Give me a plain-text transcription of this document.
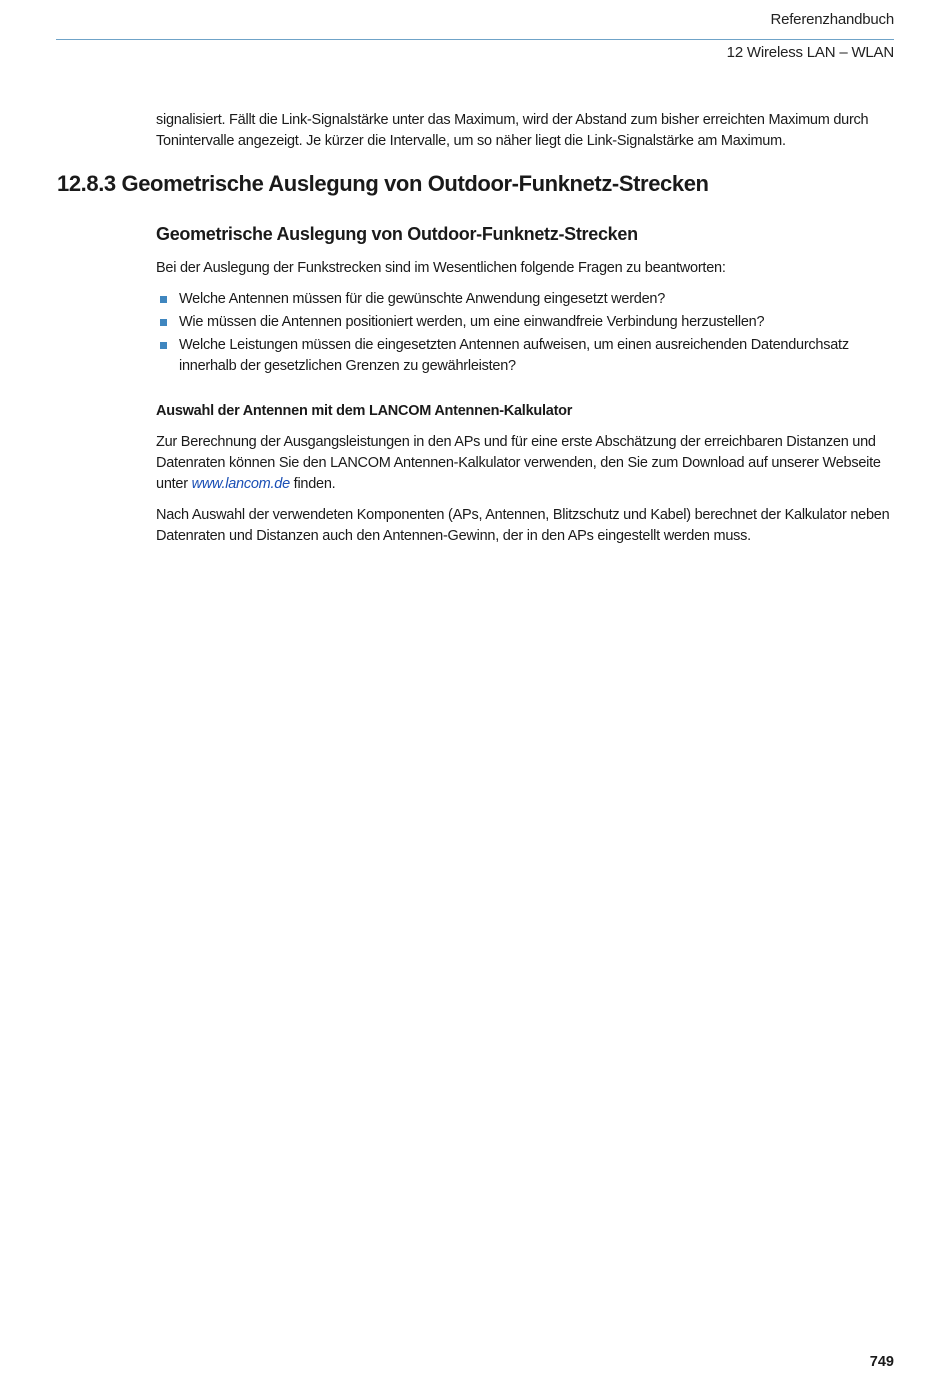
Referenzhandbuch
12 Wireless LAN – WLAN

signalisiert. Fällt die Link-Signalstärke unter das Maximum, wird der Abstand zum bisher erreichten Maximum durch Tonintervalle angezeigt. Je kürzer die Intervalle, um so näher liegt die Link-Signalstärke am Maximum.

12.8.3 Geometrische Auslegung von Outdoor-Funknetz-Strecken
Geometrische Auslegung von Outdoor-Funknetz-Strecken

Bei der Auslegung der Funkstrecken sind im Wesentlichen folgende Fragen zu beantworten:

Welche Antennen müssen für die gewünschte Anwendung eingesetzt werden?
Wie müssen die Antennen positioniert werden, um eine einwandfreie Verbindung herzustellen?
Welche Leistungen müssen die eingesetzten Antennen aufweisen, um einen ausreichenden Datendurchsatz innerhalb der gesetzlichen Grenzen zu gewährleisten?
Auswahl der Antennen mit dem LANCOM Antennen-Kalkulator

Zur Berechnung der Ausgangsleistungen in den APs und für eine erste Abschätzung der erreichbaren Distanzen und Datenraten können Sie den LANCOM Antennen-Kalkulator verwenden, den Sie zum Download auf unserer Webseite unter www.lancom.de finden.

Nach Auswahl der verwendeten Komponenten (APs, Antennen, Blitzschutz und Kabel) berechnet der Kalkulator neben Datenraten und Distanzen auch den Antennen-Gewinn, der in den APs eingestellt werden muss.

749
